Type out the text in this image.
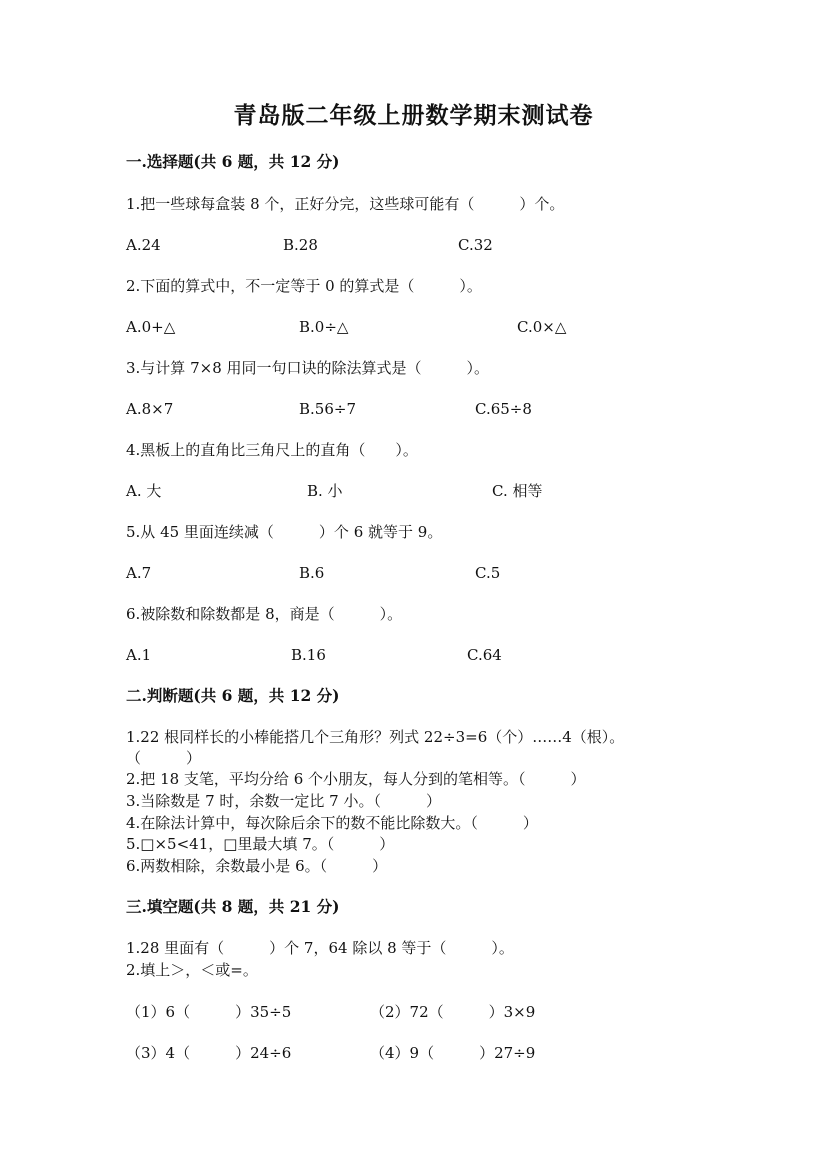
青岛版二年级上册数学期末测试卷
一.选择题(共 6 题，共 12 分)
1.把一些球每盒装 8 个，正好分完，这些球可能有（　　　）个。
A.24	B.28	C.32
2.下面的算式中，不一定等于 0 的算式是（　　　）。
A.0+△	B.0÷△	C.0×△
3.与计算 7×8 用同一句口诀的除法算式是（　　　）。
A.8×7	B.56÷7	C.65÷8
4.黑板上的直角比三角尺上的直角（　　）。
A. 大	B. 小	C. 相等
5.从 45 里面连续减（　　　）个 6 就等于 9。
A.7	B.6	C.5
6.被除数和除数都是 8，商是（　　　）。
A.1	B.16	C.64
二.判断题(共 6 题，共 12 分)
1.22 根同样长的小棒能搭几个三角形？列式 22÷3=6（个）……4（根）。
（　　　）
2.把 18 支笔，平均分给 6 个小朋友，每人分到的笔相等。（　　　）
3.当除数是 7 时，余数一定比 7 小。（　　　）
4.在除法计算中，每次除后余下的数不能比除数大。（　　　）
5.□×5<41，□里最大填 7。（　　　）
6.两数相除，余数最小是 6。（　　　）
三.填空题(共 8 题，共 21 分)
1.28 里面有（　　　）个 7，64 除以 8 等于（　　　）。
2.填上＞，＜或=。
（1）6（　　　）35÷5	（2）72（　　　）3×9
（3）4（　　　）24÷6	（4）9（　　　）27÷9
